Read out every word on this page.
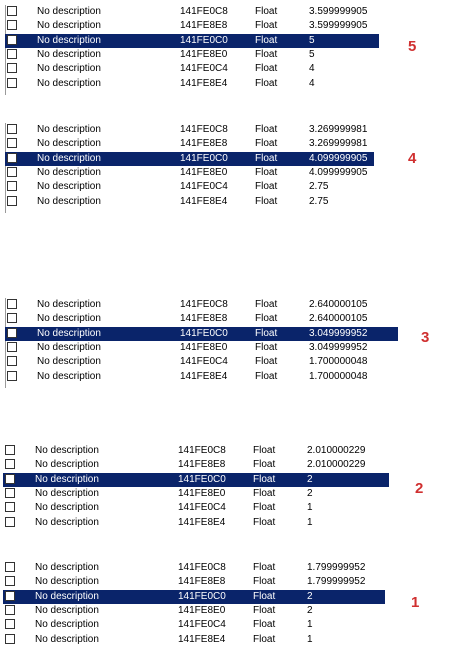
No description	141FE0C8	Float	3.599999905
No description	141FE8E8	Float	3.599999905
No description	141FE0C0	Float	5
No description	141FE8E0	Float	5
No description	141FE0C4	Float	4
No description	141FE8E4	Float	4
5
No description	141FE0C8	Float	3.269999981
No description	141FE8E8	Float	3.269999981
No description	141FE0C0	Float	4.099999905
No description	141FE8E0	Float	4.099999905
No description	141FE0C4	Float	2.75
No description	141FE8E4	Float	2.75
4
No description	141FE0C8	Float	2.640000105
No description	141FE8E8	Float	2.640000105
No description	141FE0C0	Float	3.049999952
No description	141FE8E0	Float	3.049999952
No description	141FE0C4	Float	1.700000048
No description	141FE8E4	Float	1.700000048
3
No description	141FE0C8	Float	2.010000229
No description	141FE8E8	Float	2.010000229
No description	141FE0C0	Float	2
No description	141FE8E0	Float	2
No description	141FE0C4	Float	1
No description	141FE8E4	Float	1
2
No description	141FE0C8	Float	1.799999952
No description	141FE8E8	Float	1.799999952
No description	141FE0C0	Float	2
No description	141FE8E0	Float	2
No description	141FE0C4	Float	1
No description	141FE8E4	Float	1
1
